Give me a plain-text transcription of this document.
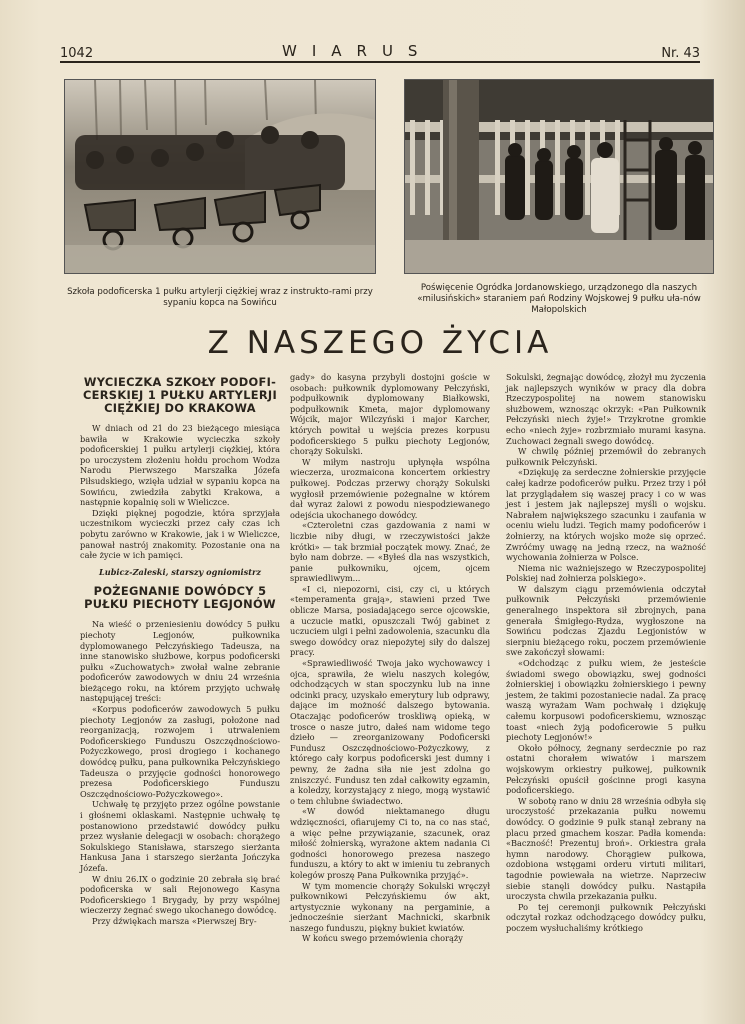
1042	WIARUS	Nr. 43
Szkoła podoficerska 1 pułku artylerji ciężkiej wraz z instrukto-rami przy sypaniu kopca na Sowińcu
Poświęcenie Ogródka Jordanowskiego, urządzonego dla naszych «milusińskich» staraniem pań Rodziny Wojskowej 9 pułku uła-nów Małopolskich
Z NASZEGO ŻYCIA

WYCIECZKA SZKOŁY PODOFI-CERSKIEJ 1 PUŁKU ARTYLERJI CIĘŻKIEJ DO KRAKOWA

W dniach od 21 do 23 bieżącego miesiąca bawiła w Krakowie wycieczka szkoły podoficerskiej 1 pułku artylerji ciężkiej, która po uroczystem złożeniu hołdu prochom Wodza Narodu Pierwszego Marszałka Józefa Piłsudskiego, wzięła udział w sypaniu kopca na Sowińcu, zwiedziła zabytki Krakowa, a następnie kopalnię soli w Wieliczce.

Dzięki pięknej pogodzie, która sprzyjała uczestnikom wycieczki przez cały czas ich pobytu zarówno w Krakowie, jak i w Wieliczce, panował nastrój znakomity. Pozostanie ona na całe życie w ich pamięci.

Lubicz-Zaleski, starszy ogniomistrz

POŻEGNANIE DOWÓDCY 5 PUŁKU PIECHOTY LEGJONÓW

Na wieść o przeniesieniu dowódcy 5 pułku piechoty Legjonów, pułkownika dyplomowanego Pełczyńskiego Tadeusza, na inne stanowisko służbowe, korpus podoficerski pułku «Zuchowatych» zwołał walne zebranie podoficerów zawodowych w dniu 24 września bieżącego roku, na którem przyjęto uchwałę następującej treści:

«Korpus podoficerów zawodowych 5 pułku piechoty Legjonów za zasługi, położone nad reorganizacją, rozwojem i utrwaleniem Podoficerskiego Funduszu Oszczędnościowo-Pożyczkowego, prosi drogiego i kochanego dowódcę pułku, pana pułkownika Pełczyńskiego Tadeusza o przyjęcie godności honorowego prezesa Podoficerskiego Funduszu Oszczędnościowo-Pożyczkowego».

Uchwałę tę przyjęto przez ogólne powstanie i głośnemi oklaskami. Następnie uchwałę tę postanowiono przedstawić dowódcy pułku przez wysłanie delegacji w osobach: chorążego Sokulskiego Stanisława, starszego sierżanta Hankusa Jana i starszego sierżanta Jończyka Józefa.

W dniu 26.IX o godzinie 20 zebrała się brać podoficerska w sali Rejonowego Kasyna Podoficerskiego 1 Brygady, by przy wspólnej wieczerzy żegnać swego ukochanego dowódcę.

Przy dźwiękach marsza «Pierwszej Bry-

gady» do kasyna przybyli dostojni goście w osobach: pułkownik dyplomowany Pełczyński, podpułkownik dyplomowany Białkowski, podpułkownik Kmeta, major dyplomowany Wójcik, major Wilczyński i major Karcher, których powitał u wejścia prezes korpusu podoficerskiego 5 pułku piechoty Legjonów, chorąży Sokulski.

W miłym nastroju upłynęła wspólna wieczerza, urozmaicona koncertem orkiestry pułkowej. Podczas przerwy chorąży Sokulski wygłosił przemówienie pożegnalne w którem dał wyraz żalowi z powodu niespodziewanego odejścia ukochanego dowódcy.

«Czteroletni czas gazdowania z nami w liczbie niby długi, w rzeczywistości jakże krótki» — tak brzmiał początek mowy. Znać, że było nam dobrze. — «Byłeś dla nas wszystkich, panie pułkowniku, ojcem, ojcem sprawiedliwym...

«I ci, niepozorni, cisi, czy ci, u których «temperamenta grają», stawieni przed Twe oblicze Marsa, posiadającego serce ojcowskie, a uczucie matki, opuszczali Twój gabinet z uczuciem ulgi i pełni zadowolenia, szacunku dla swego dowódcy oraz niepożytej siły do dalszej pracy.

«Sprawiedliwość Twoja jako wychowawcy i ojca, sprawiła, że wielu naszych kolegów, odchodzących w stan spoczynku lub na inne odcinki pracy, uzyskało emerytury lub odprawy, dające im możność dalszego bytowania. Otaczając podoficerów troskliwą opieką, w trosce o nasze jutro, dałeś nam widome tego dzieło — zreorganizowany Podoficerski Fundusz Oszczędnościowo-Pożyczkowy, z którego cały korpus podoficerski jest dumny i pewny, że żadna siła nie jest zdolna go zniszczyć. Fundusz ten zdał całkowity egzamin, a koledzy, korzystający z niego, mogą wystawić o tem chlubne świadectwo.

«W dowód niektamanego długu wdzięczności, ofiarujemy Ci to, na co nas stać, a więc pełne przywiązanie, szacunek, oraz miłość żołnierską, wyrażone aktem nadania Ci godności honorowego prezesa naszego funduszu, a który to akt w imieniu tu zebranych kolegów proszę Pana Pułkownika przyjąć».

W tym momencie chorąży Sokulski wręczył pułkownikowi Pełczyńskiemu ów akt, artystycznie wykonany na pergaminie, a jednocześnie sierżant Machnicki, skarbnik naszego funduszu, piękny bukiet kwiatów.

W końcu swego przemówienia chorąży

Sokulski, żegnając dowódcę, złożył mu życzenia jak najlepszych wyników w pracy dla dobra Rzeczypospolitej na nowem stanowisku służbowem, wznosząc okrzyk: «Pan Pułkownik Pełczyński niech żyje!» Trzykrotne gromkie echo «niech żyje» rozbrzmiało murami kasyna. Zuchowaci żegnali swego dowódcę.

W chwilę później przemówił do zebranych pułkownik Pełczyński.

«Dziękuję za serdeczne żołnierskie przyjęcie całej kadrze podoficerów pułku. Przez trzy i pół lat przyglądałem się waszej pracy i co w was jest i jestem jak najlepszej myśli o wojsku. Nabrałem największego szacunku i zaufania w oceniu wielu ludzi. Tegich mamy podoficerów i żołnierzy, na których wojsko może się oprzeć. Zwróćmy uwagę na jedną rzecz, na ważność wychowania żołnierza w Polsce.

Niema nic ważniejszego w Rzeczypospolitej Polskiej nad żołnierza polskiego».

W dalszym ciągu przemówienia odczytał pułkownik Pełczyński przemówienie generalnego inspektora sił zbrojnych, pana generała Śmigłego-Rydza, wygłoszone na Sowińcu podczas Zjazdu Legjonistów w sierpniu bieżącego roku, poczem przemówienie swe zakończył słowami:

«Odchodząc z pułku wiem, że jesteście świadomi swego obowiązku, swej godności żołnierskiej i obowiązku żołnierskiego i pewny jestem, że takimi pozostaniecie nadal. Za pracę waszą wyrażam Wam pochwałę i dziękuję całemu korpusowi podoficerskiemu, wznosząc toast «niech żyją podoficerowie 5 pułku piechoty Legjonów!»

Około północy, żegnany serdecznie po raz ostatni chorałem wiwatów i marszem wojskowym orkiestry pułkowej, pułkownik Pełczyński opuścił gościnne progi kasyna podoficerskiego.

W sobotę rano w dniu 28 września odbyła się uroczystość przekazania pułku nowemu dowódcy. O godzinie 9 pułk stanął zebrany na placu przed gmachem koszar. Padła komenda: «Baczność! Prezentuj broń». Orkiestra grała hymn narodowy. Chorągiew pułkowa, ozdobiona wstęgami orderu virtuti militari, tagodnie powiewała na wietrze. Naprzeciw siebie stanęli dowódcy pułku. Nastąpiła uroczysta chwila przekazania pułku.

Po tej ceremonji pułkownik Pełczyński odczytał rozkaz odchodzącego dowódcy pułku, poczem wysłuchaliśmy krótkiego
